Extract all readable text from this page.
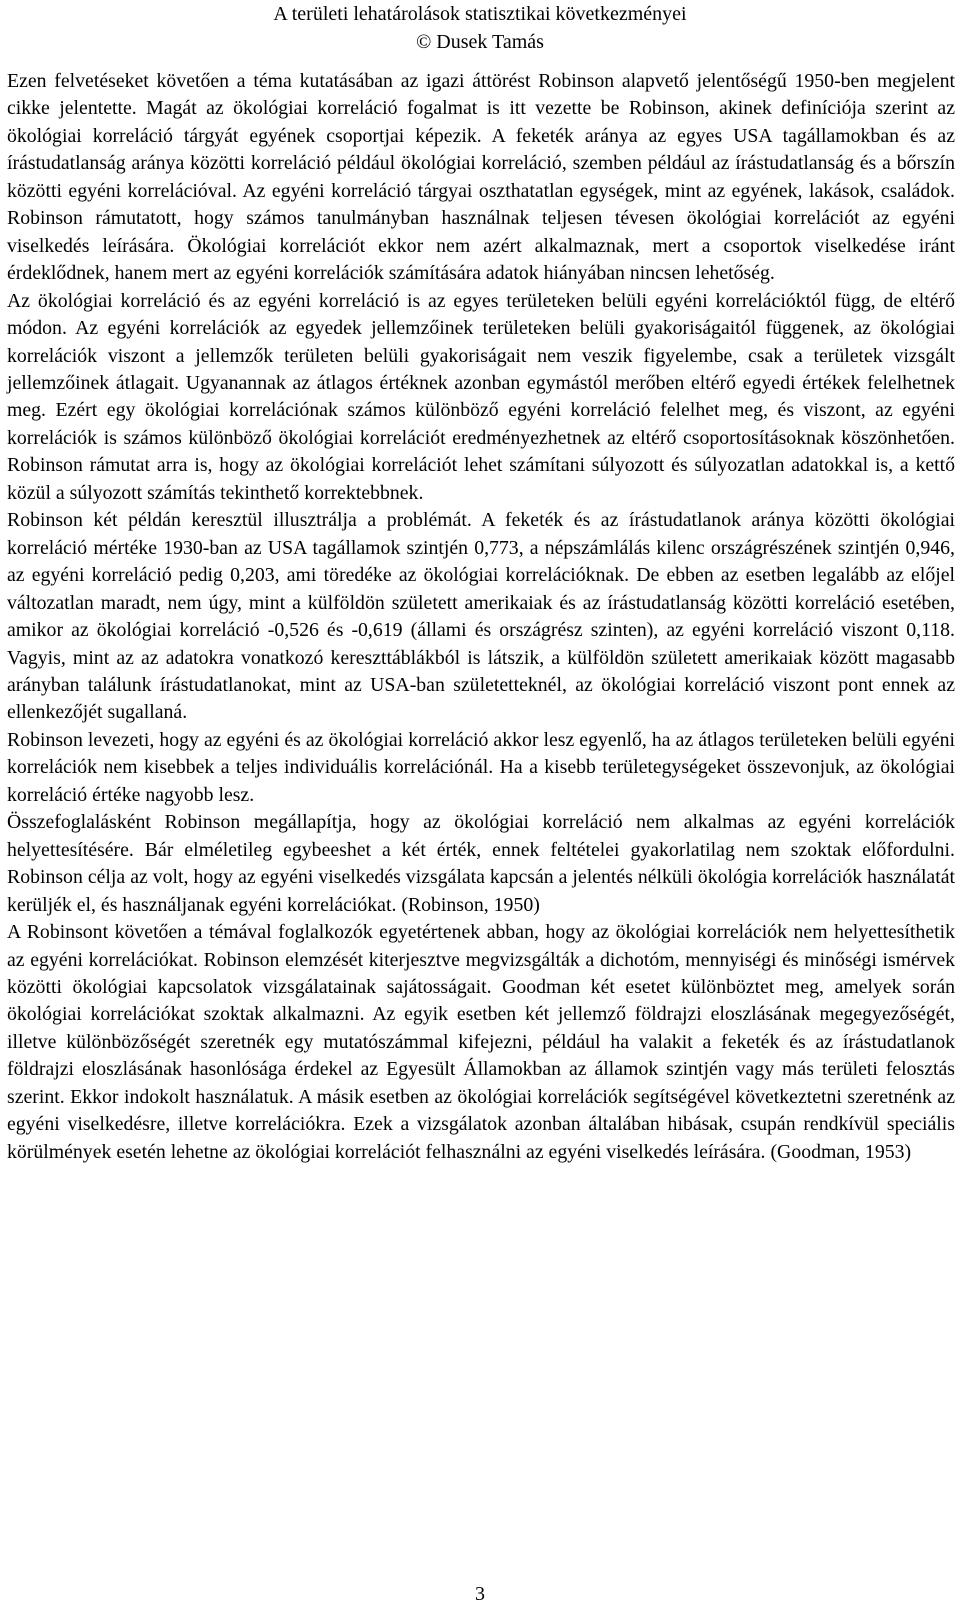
A területi lehatárolások statisztikai következményei
© Dusek Tamás

Ezen felvetéseket követően a téma kutatásában az igazi áttörést Robinson alapvető jelentőségű 1950-ben megjelent cikke jelentette. Magát az ökológiai korreláció fogalmat is itt vezette be Robinson, akinek definíciója szerint az ökológiai korreláció tárgyát egyének csoportjai képezik. A feketék aránya az egyes USA tagállamokban és az írástudatlanság aránya közötti korreláció például ökológiai korreláció, szemben például az írástudatlanság és a bőrszín közötti egyéni korrelációval. Az egyéni korreláció tárgyai oszthatatlan egységek, mint az egyének, lakások, családok. Robinson rámutatott, hogy számos tanulmányban használnak teljesen tévesen ökológiai korrelációt az egyéni viselkedés leírására. Ökológiai korrelációt ekkor nem azért alkalmaznak, mert a csoportok viselkedése iránt érdeklődnek, hanem mert az egyéni korrelációk számítására adatok hiányában nincsen lehetőség.

Az ökológiai korreláció és az egyéni korreláció is az egyes területeken belüli egyéni korrelációktól függ, de eltérő módon. Az egyéni korrelációk az egyedek jellemzőinek területeken belüli gyakoriságaitól függenek, az ökológiai korrelációk viszont a jellemzők területen belüli gyakoriságait nem veszik figyelembe, csak a területek vizsgált jellemzőinek átlagait. Ugyanannak az átlagos értéknek azonban egymástól merőben eltérő egyedi értékek felelhetnek meg. Ezért egy ökológiai korrelációnak számos különböző egyéni korreláció felelhet meg, és viszont, az egyéni korrelációk is számos különböző ökológiai korrelációt eredményezhetnek az eltérő csoportosításoknak köszönhetően. Robinson rámutat arra is, hogy az ökológiai korrelációt lehet számítani súlyozott és súlyozatlan adatokkal is, a kettő közül a súlyozott számítás tekinthető korrektebbnek.

Robinson két példán keresztül illusztrálja a problémát. A feketék és az írástudatlanok aránya közötti ökológiai korreláció mértéke 1930-ban az USA tagállamok szintjén 0,773, a népszámlálás kilenc országrészének szintjén 0,946, az egyéni korreláció pedig 0,203, ami töredéke az ökológiai korrelációknak. De ebben az esetben legalább az előjel változatlan maradt, nem úgy, mint a külföldön született amerikaiak és az írástudatlanság közötti korreláció esetében, amikor az ökológiai korreláció -0,526 és -0,619 (állami és országrész szinten), az egyéni korreláció viszont 0,118. Vagyis, mint az az adatokra vonatkozó kereszttáblákból is látszik, a külföldön született amerikaiak között magasabb arányban találunk írástudatlanokat, mint az USA-ban születetteknél, az ökológiai korreláció viszont pont ennek az ellenkezőjét sugallaná.

Robinson levezeti, hogy az egyéni és az ökológiai korreláció akkor lesz egyenlő, ha az átlagos területeken belüli egyéni korrelációk nem kisebbek a teljes individuális korrelációnál. Ha a kisebb területegységeket összevonjuk, az ökológiai korreláció értéke nagyobb lesz.

Összefoglalásként Robinson megállapítja, hogy az ökológiai korreláció nem alkalmas az egyéni korrelációk helyettesítésére. Bár elméletileg egybeeshet a két érték, ennek feltételei gyakorlatilag nem szoktak előfordulni. Robinson célja az volt, hogy az egyéni viselkedés vizsgálata kapcsán a jelentés nélküli ökológia korrelációk használatát kerüljék el, és használjanak egyéni korrelációkat. (Robinson, 1950)

A Robinsont követően a témával foglalkozók egyetértenek abban, hogy az ökológiai korrelációk nem helyettesíthetik az egyéni korrelációkat. Robinson elemzését kiterjesztve megvizsgálták a dichotóm, mennyiségi és minőségi ismérvek közötti ökológiai kapcsolatok vizsgálatainak sajátosságait. Goodman két esetet különböztet meg, amelyek során ökológiai korrelációkat szoktak alkalmazni. Az egyik esetben két jellemző földrajzi eloszlásának megegyezőségét, illetve különbözőségét szeretnék egy mutatószámmal kifejezni, például ha valakit a feketék és az írástudatlanok földrajzi eloszlásának hasonlósága érdekel az Egyesült Államokban az államok szintjén vagy más területi felosztás szerint. Ekkor indokolt használatuk. A másik esetben az ökológiai korrelációk segítségével következtetni szeretnénk az egyéni viselkedésre, illetve korrelációkra. Ezek a vizsgálatok azonban általában hibásak, csupán rendkívül speciális körülmények esetén lehetne az ökológiai korrelációt felhasználni az egyéni viselkedés leírására. (Goodman, 1953)

3
